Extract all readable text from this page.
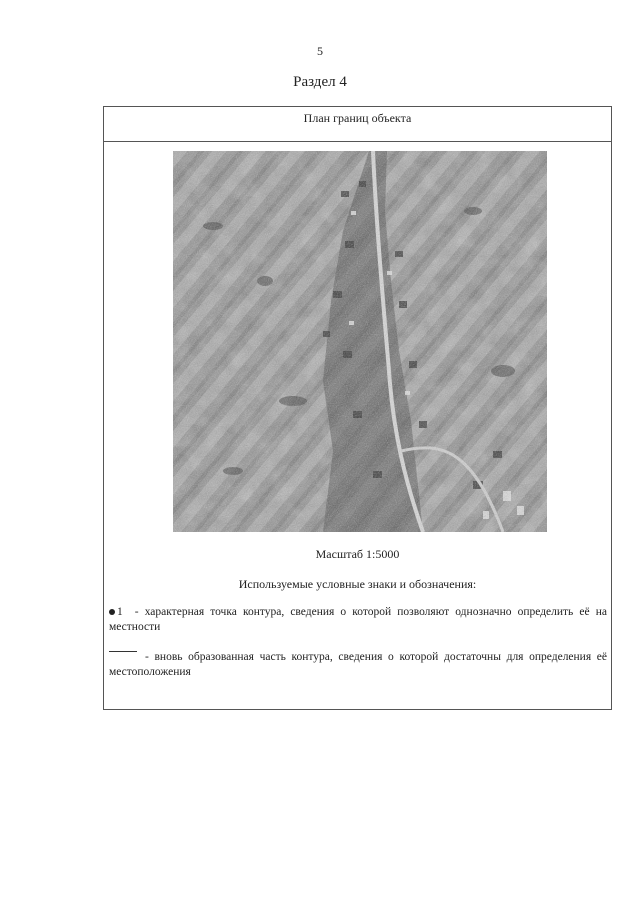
5
Раздел 4
План границ объекта
Масштаб 1:5000
Используемые условные знаки и обозначения:
1 - характерная точка контура, сведения о которой позволяют однозначно определить её на местности
- вновь образованная часть контура, сведения о которой достаточны для определения её местоположения
